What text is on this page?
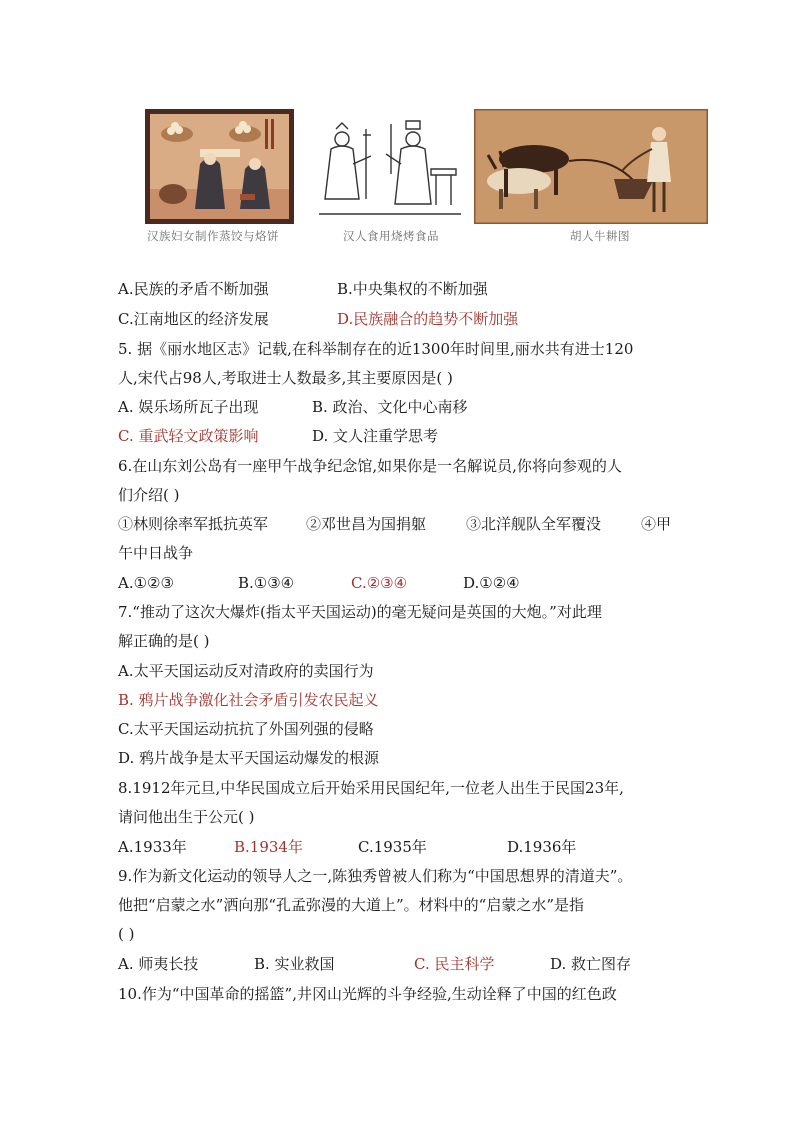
汉族妇女制作蒸饺与烙饼	汉人食用烧烤食品	胡人牛耕图
A.民族的矛盾不断加强	B.中央集权的不断加强
C.江南地区的经济发展	D.民族融合的趋势不断加强
5. 据《丽水地区志》记载,在科举制存在的近1300年时间里,丽水共有进士120
人,宋代占98人,考取进士人数最多,其主要原因是( )
A. 娱乐场所瓦子出现	B. 政治、文化中心南移
C. 重武轻文政策影响	D. 文人注重学思考
6.在山东刘公岛有一座甲午战争纪念馆,如果你是一名解说员,你将向参观的人
们介绍( )
①林则徐率军抵抗英军	②邓世昌为国捐躯	③北洋舰队全军覆没	④甲
午中日战争
A.①②③	B.①③④	C.②③④	D.①②④
7.“推动了这次大爆炸(指太平天国运动)的毫无疑问是英国的大炮。”对此理
解正确的是( )
A.太平天国运动反对清政府的卖国行为
B. 鸦片战争激化社会矛盾引发农民起义
C.太平天国运动抗抗了外国列强的侵略
D. 鸦片战争是太平天国运动爆发的根源
8.1912年元旦,中华民国成立后开始采用民国纪年,一位老人出生于民国23年,
请问他出生于公元( )
A.1933年	B.1934年	C.1935年	D.1936年
9.作为新文化运动的领导人之一,陈独秀曾被人们称为“中国思想界的清道夫”。
他把“启蒙之水”洒向那“孔孟弥漫的大道上”。材料中的“启蒙之水”是指
( )
A. 师夷长技	B. 实业救国	C. 民主科学	D. 救亡图存
10.作为“中国革命的摇篮”,井冈山光辉的斗争经验,生动诠释了中国的红色政
